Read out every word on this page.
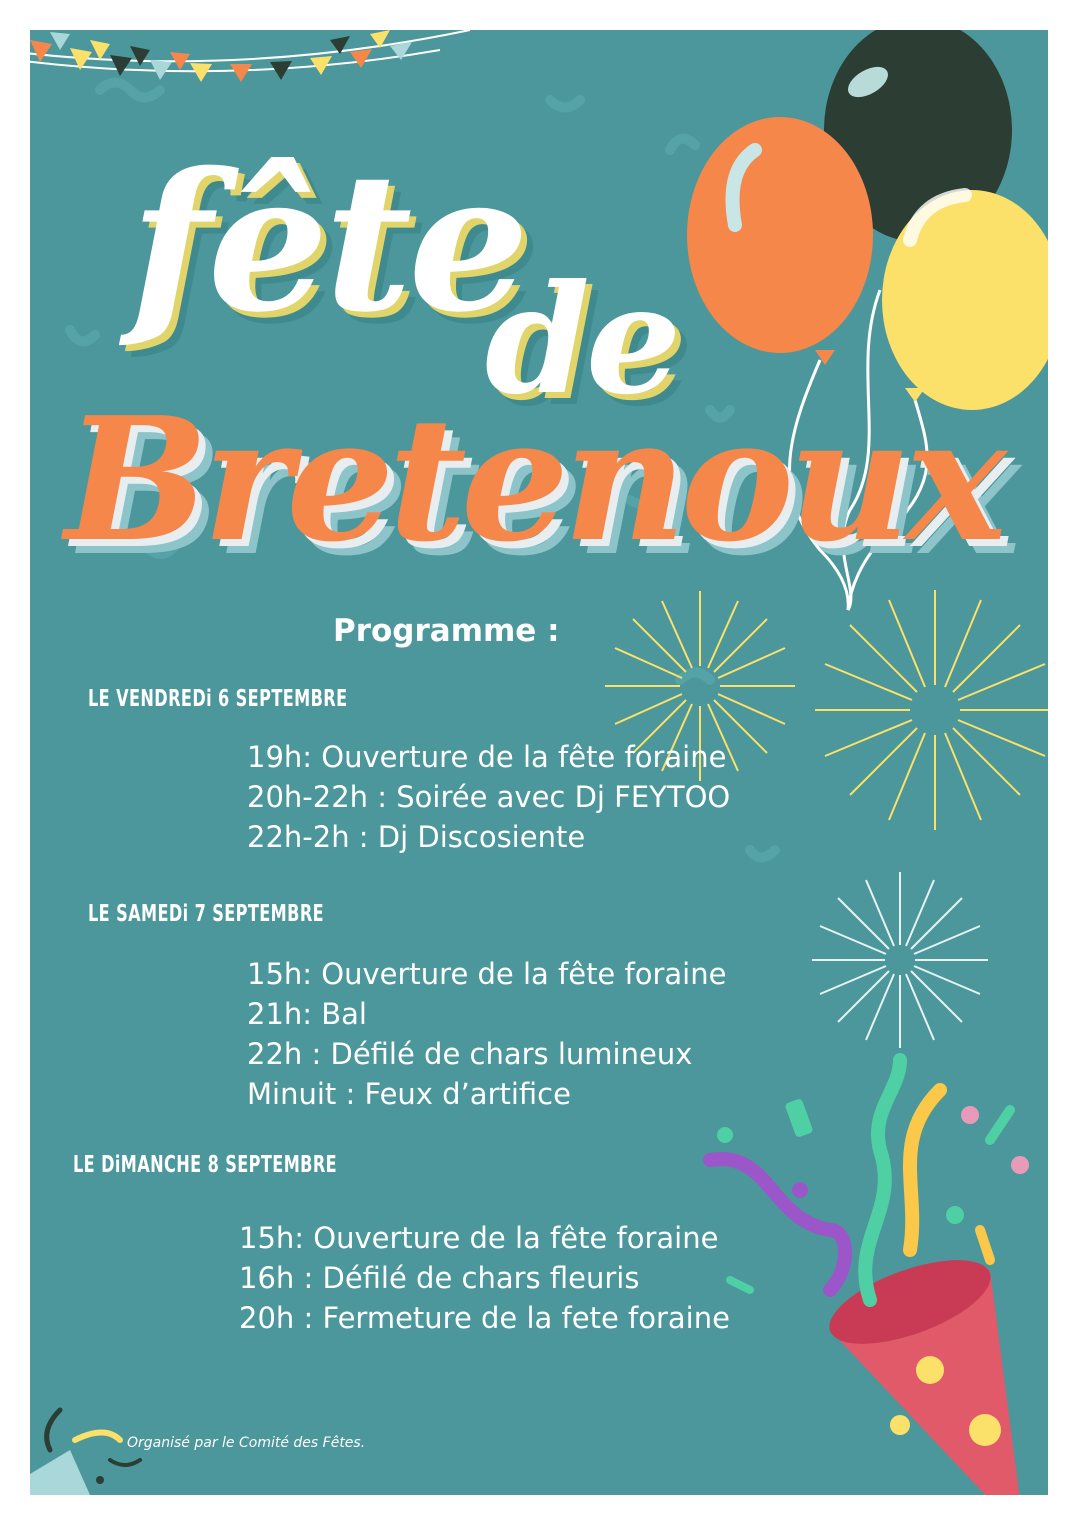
fête
de
Bretenoux
Programme :
LE VENDREDi 6 SEPTEMBRE
19h: Ouverture de la fête foraine
20h-22h : Soirée avec Dj FEYTOO
22h-2h : Dj Discosiente
LE SAMEDi 7 SEPTEMBRE
15h: Ouverture de la fête foraine
21h: Bal
22h : Défilé de chars lumineux
Minuit : Feux d’artifice
LE DiMANCHE 8 SEPTEMBRE
15h: Ouverture de la fête foraine
16h : Défilé de chars fleuris
20h : Fermeture de la fete foraine

Organisé par le Comité des Fêtes.
